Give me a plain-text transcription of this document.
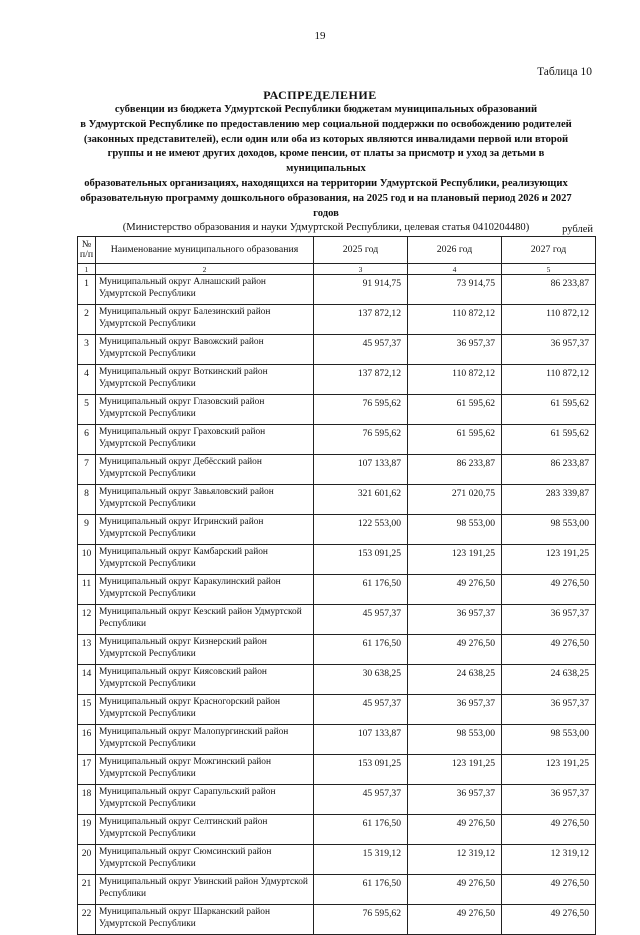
19
Таблица 10
РАСПРЕДЕЛЕНИЕ
субвенции из бюджета Удмуртской Республики бюджетам муниципальных образований
в Удмуртской Республике по предоставлению мер социальной поддержки по освобождению родителей
(законных представителей), если один или оба из которых являются инвалидами первой или второй
группы и не имеют других доходов, кроме пенсии, от платы за присмотр и уход за детьми в муниципальных
образовательных организациях, находящихся на территории Удмуртской Республики, реализующих
образовательную программу дошкольного образования, на 2025 год и на плановый период 2026 и 2027 годов
(Министерство образования и науки Удмуртской Республики, целевая статья 0410204480)	рублей
№ п/п	Наименование муниципального образования	2025 год	2026 год	2027 год
1	2	3	4	5
1	Муниципальный округ Алнашский район Удмуртской Республики	91 914,75	73 914,75	86 233,87
2	Муниципальный округ Балезинский район Удмуртской Республики	137 872,12	110 872,12	110 872,12
3	Муниципальный округ Вавожский район Удмуртской Республики	45 957,37	36 957,37	36 957,37
4	Муниципальный округ Воткинский район Удмуртской Республики	137 872,12	110 872,12	110 872,12
5	Муниципальный округ Глазовский район Удмуртской Республики	76 595,62	61 595,62	61 595,62
6	Муниципальный округ Граховский район Удмуртской Республики	76 595,62	61 595,62	61 595,62
7	Муниципальный округ Дебёсский район Удмуртской Республики	107 133,87	86 233,87	86 233,87
8	Муниципальный округ Завьяловский район Удмуртской Республики	321 601,62	271 020,75	283 339,87
9	Муниципальный округ Игринский район Удмуртской Республики	122 553,00	98 553,00	98 553,00
10	Муниципальный округ Камбарский район Удмуртской Республики	153 091,25	123 191,25	123 191,25
11	Муниципальный округ Каракулинский район Удмуртской Республики	61 176,50	49 276,50	49 276,50
12	Муниципальный округ Кезский район Удмуртской Республики	45 957,37	36 957,37	36 957,37
13	Муниципальный округ Кизнерский район Удмуртской Республики	61 176,50	49 276,50	49 276,50
14	Муниципальный округ Киясовский район Удмуртской Республики	30 638,25	24 638,25	24 638,25
15	Муниципальный округ Красногорский район Удмуртской Республики	45 957,37	36 957,37	36 957,37
16	Муниципальный округ Малопургинский район Удмуртской Республики	107 133,87	98 553,00	98 553,00
17	Муниципальный округ Можгинский район Удмуртской Республики	153 091,25	123 191,25	123 191,25
18	Муниципальный округ Сарапульский район Удмуртской Республики	45 957,37	36 957,37	36 957,37
19	Муниципальный округ Селтинский район Удмуртской Республики	61 176,50	49 276,50	49 276,50
20	Муниципальный округ Сюмсинский район Удмуртской Республики	15 319,12	12 319,12	12 319,12
21	Муниципальный округ Увинский район Удмуртской Республики	61 176,50	49 276,50	49 276,50
22	Муниципальный округ Шарканский район Удмуртской Республики	76 595,62	49 276,50	49 276,50
